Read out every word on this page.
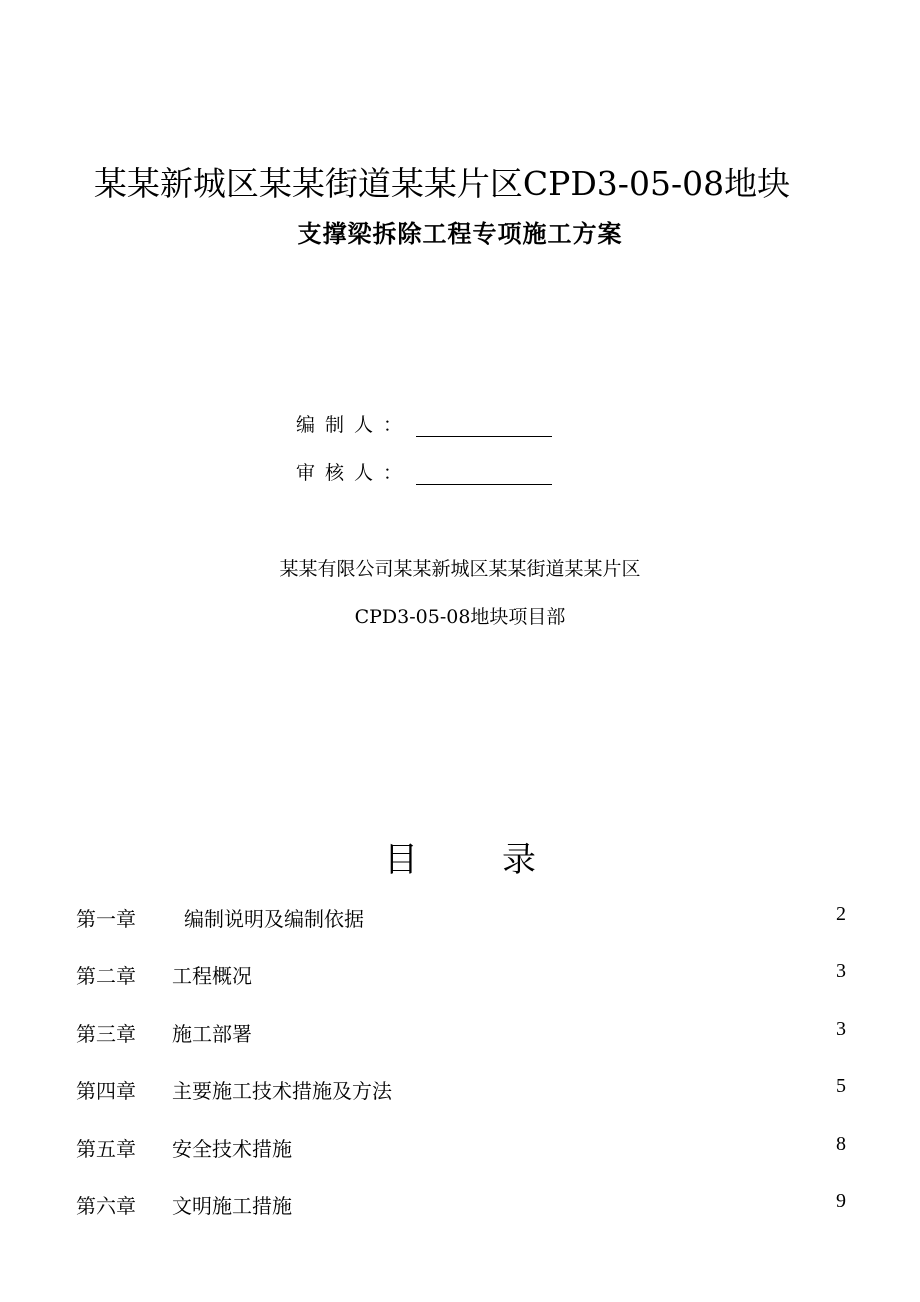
某某新城区某某街道某某片区CPD3-05-08地块
支撑梁拆除工程专项施工方案
编制人：
审核人：
某某有限公司某某新城区某某街道某某片区
CPD3-05-08地块项目部
目 录
第一章 编制说明及编制依据	2
第二章 工程概况	3
第三章 施工部署	3
第四章 主要施工技术措施及方法	5
第五章 安全技术措施	8
第六章 文明施工措施	9
